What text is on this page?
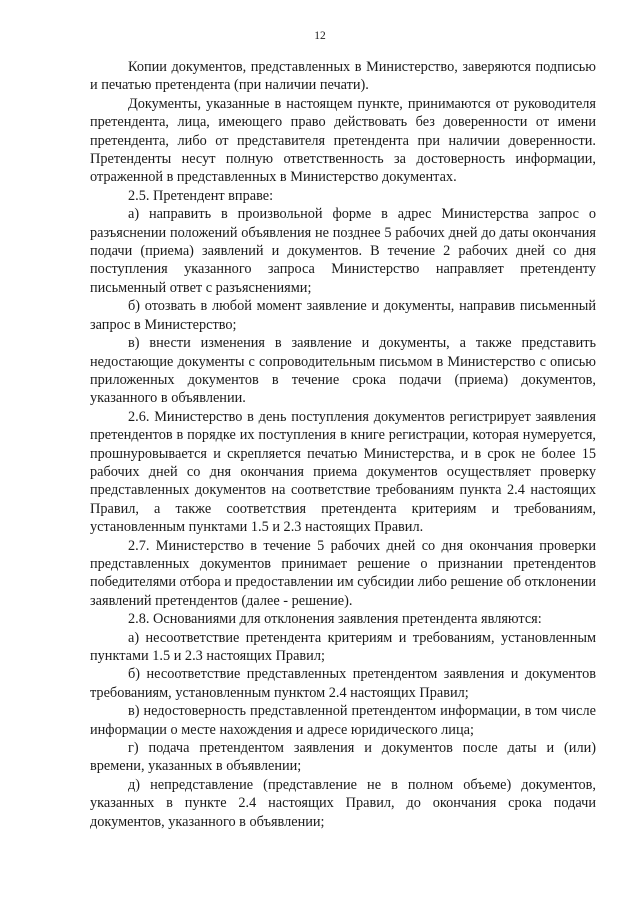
12

Копии документов, представленных в Министерство, заверяются подписью и печатью претендента (при наличии печати).

Документы, указанные в настоящем пункте, принимаются от руководителя претендента, лица, имеющего право действовать без доверенности от имени претендента, либо от представителя претендента при наличии доверенности. Претенденты несут полную ответственность за достоверность информации, отраженной в представленных в Министерство документах.

2.5. Претендент вправе:

а) направить в произвольной форме в адрес Министерства запрос о разъяснении положений объявления не позднее 5 рабочих дней до даты окончания подачи (приема) заявлений и документов. В течение 2 рабочих дней со дня поступления указанного запроса Министерство направляет претенденту письменный ответ с разъяснениями;

б) отозвать в любой момент заявление и документы, направив письменный запрос в Министерство;

в) внести изменения в заявление и документы, а также представить недостающие документы с сопроводительным письмом в Министерство с описью приложенных документов в течение срока подачи (приема) документов, указанного в объявлении.

2.6. Министерство в день поступления документов регистрирует заявления претендентов в порядке их поступления в книге регистрации, которая нумеруется, прошнуровывается и скрепляется печатью Министерства, и в срок не более 15 рабочих дней со дня окончания приема документов осуществляет проверку представленных документов на соответствие требованиям пункта 2.4 настоящих Правил, а также соответствия претендента критериям и требованиям, установленным пунктами 1.5 и 2.3 настоящих Правил.

2.7. Министерство в течение 5 рабочих дней со дня окончания проверки представленных документов принимает решение о признании претендентов победителями отбора и предоставлении им субсидии либо решение об отклонении заявлений претендентов (далее - решение).

2.8. Основаниями для отклонения заявления претендента являются:

а) несоответствие претендента критериям и требованиям, установленным пунктами 1.5 и 2.3 настоящих Правил;

б) несоответствие представленных претендентом заявления и документов требованиям, установленным пунктом 2.4 настоящих Правил;

в) недостоверность представленной претендентом информации, в том числе информации о месте нахождения и адресе юридического лица;

г) подача претендентом заявления и документов после даты и (или) времени, указанных в объявлении;

д) непредставление (представление не в полном объеме) документов, указанных в пункте 2.4 настоящих Правил, до окончания срока подачи документов, указанного в объявлении;
